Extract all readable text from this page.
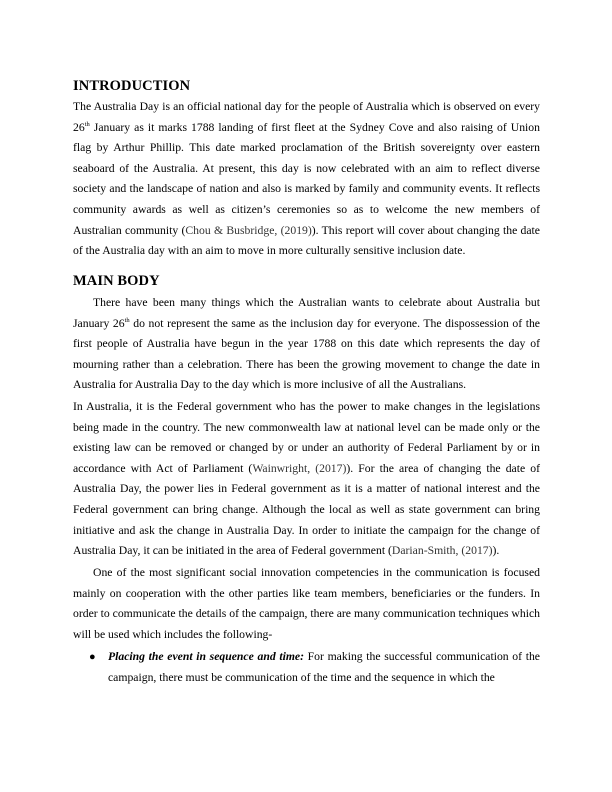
INTRODUCTION

The Australia Day is an official national day for the people of Australia which is observed on every 26th January as it marks 1788 landing of first fleet at the Sydney Cove and also raising of Union flag by Arthur Phillip. This date marked proclamation of the British sovereignty over eastern seaboard of the Australia. At present, this day is now celebrated with an aim to reflect diverse society and the landscape of nation and also is marked by family and community events. It reflects community awards as well as citizen’s ceremonies so as to welcome the new members of Australian community (Chou & Busbridge, (2019)). This report will cover about changing the date of the Australia day with an aim to move in more culturally sensitive inclusion date.

MAIN BODY

There have been many things which the Australian wants to celebrate about Australia but January 26th do not represent the same as the inclusion day for everyone. The dispossession of the first people of Australia have begun in the year 1788 on this date which represents the day of mourning rather than a celebration. There has been the growing movement to change the date in Australia for Australia Day to the day which is more inclusive of all the Australians.

In Australia, it is the Federal government who has the power to make changes in the legislations being made in the country. The new commonwealth law at national level can be made only or the existing law can be removed or changed by or under an authority of Federal Parliament by or in accordance with Act of Parliament (Wainwright, (2017)). For the area of changing the date of Australia Day, the power lies in Federal government as it is a matter of national interest and the Federal government can bring change. Although the local as well as state government can bring initiative and ask the change in Australia Day. In order to initiate the campaign for the change of Australia Day, it can be initiated in the area of Federal government (Darian-Smith, (2017)).

One of the most significant social innovation competencies in the communication is focused mainly on cooperation with the other parties like team members, beneficiaries or the funders. In order to communicate the details of the campaign, there are many communication techniques which will be used which includes the following-

● Placing the event in sequence and time: For making the successful communication of the campaign, there must be communication of the time and the sequence in which the
